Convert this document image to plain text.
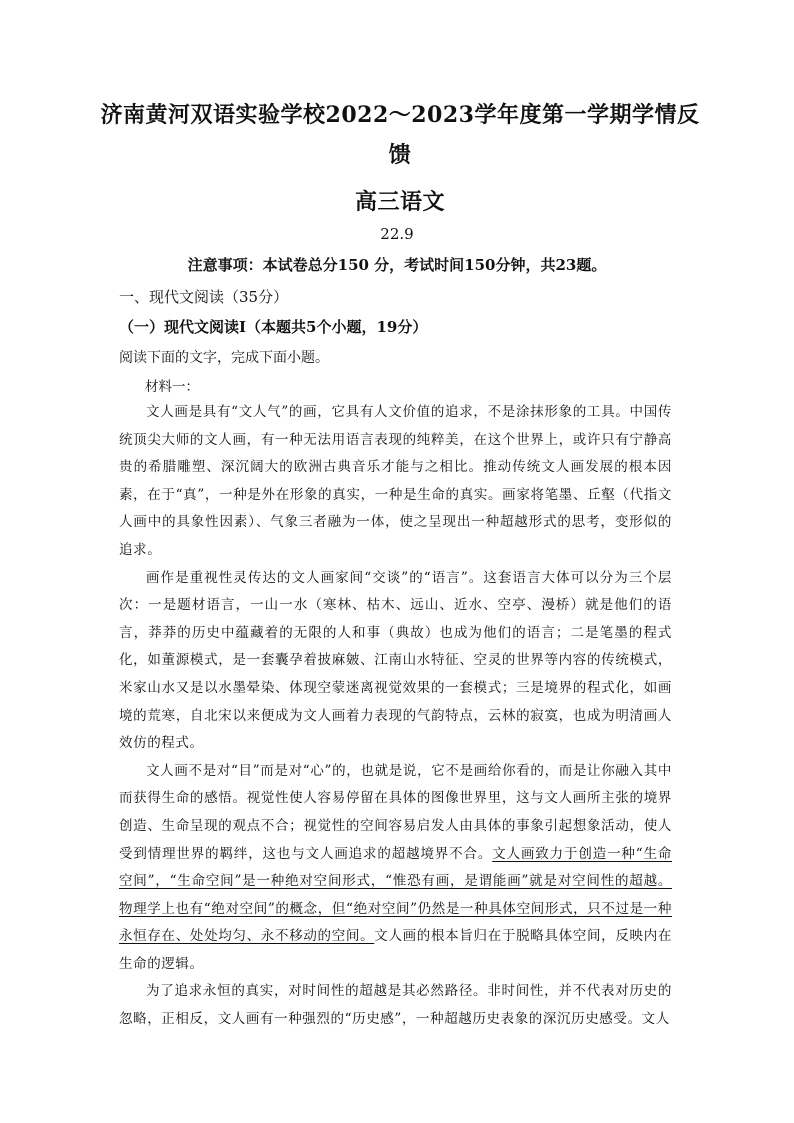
济南黄河双语实验学校2022～2023学年度第一学期学情反
馈
高三语文
22.9
注意事项：本试卷总分150 分，考试时间150分钟，共23题。
一、现代文阅读（35分）
（一）现代文阅读Ⅰ（本题共5个小题，19分）
阅读下面的文字，完成下面小题。
材料一：

文人画是具有“文人气”的画，它具有人文价值的追求，不是涂抹形象的工具。中国传统顶尖大师的文人画，有一种无法用语言表现的纯粹美，在这个世界上，或许只有宁静高贵的希腊雕塑、深沉阔大的欧洲古典音乐才能与之相比。推动传统文人画发展的根本因素，在于“真”，一种是外在形象的真实，一种是生命的真实。画家将笔墨、丘壑（代指文人画中的具象性因素）、气象三者融为一体，使之呈现出一种超越形式的思考，变形似的追求。

画作是重视性灵传达的文人画家间“交谈”的“语言”。这套语言大体可以分为三个层次：一是题材语言，一山一水（寒林、枯木、远山、近水、空亭、漫桥）就是他们的语言，莽莽的历史中蕴藏着的无限的人和事（典故）也成为他们的语言；二是笔墨的程式化，如董源模式，是一套囊孕着披麻皴、江南山水特征、空灵的世界等内容的传统模式，米家山水又是以水墨晕染、体现空蒙迷离视觉效果的一套模式；三是境界的程式化，如画境的荒寒，自北宋以来便成为文人画着力表现的气韵特点，云林的寂寞，也成为明清画人效仿的程式。

文人画不是对“目”而是对“心”的，也就是说，它不是画给你看的，而是让你融入其中而获得生命的感悟。视觉性使人容易停留在具体的图像世界里，这与文人画所主张的境界创造、生命呈现的观点不合；视觉性的空间容易启发人由具体的事象引起想象活动，使人受到情理世界的羁绊，这也与文人画追求的超越境界不合。文人画致力于创造一种“生命空间”，“生命空间”是一种绝对空间形式，“惟恐有画，是谓能画”就是对空间性的超越。物理学上也有“绝对空间”的概念，但“绝对空间”仍然是一种具体空间形式，只不过是一种永恒存在、处处均匀、永不移动的空间。文人画的根本旨归在于脱略具体空间，反映内在生命的逻辑。

为了追求永恒的真实，对时间性的超越是其必然路径。非时间性，并不代表对历史的忽略，正相反，文人画有一种强烈的“历史感”，一种超越历史表象的深沉历史感受。文人
